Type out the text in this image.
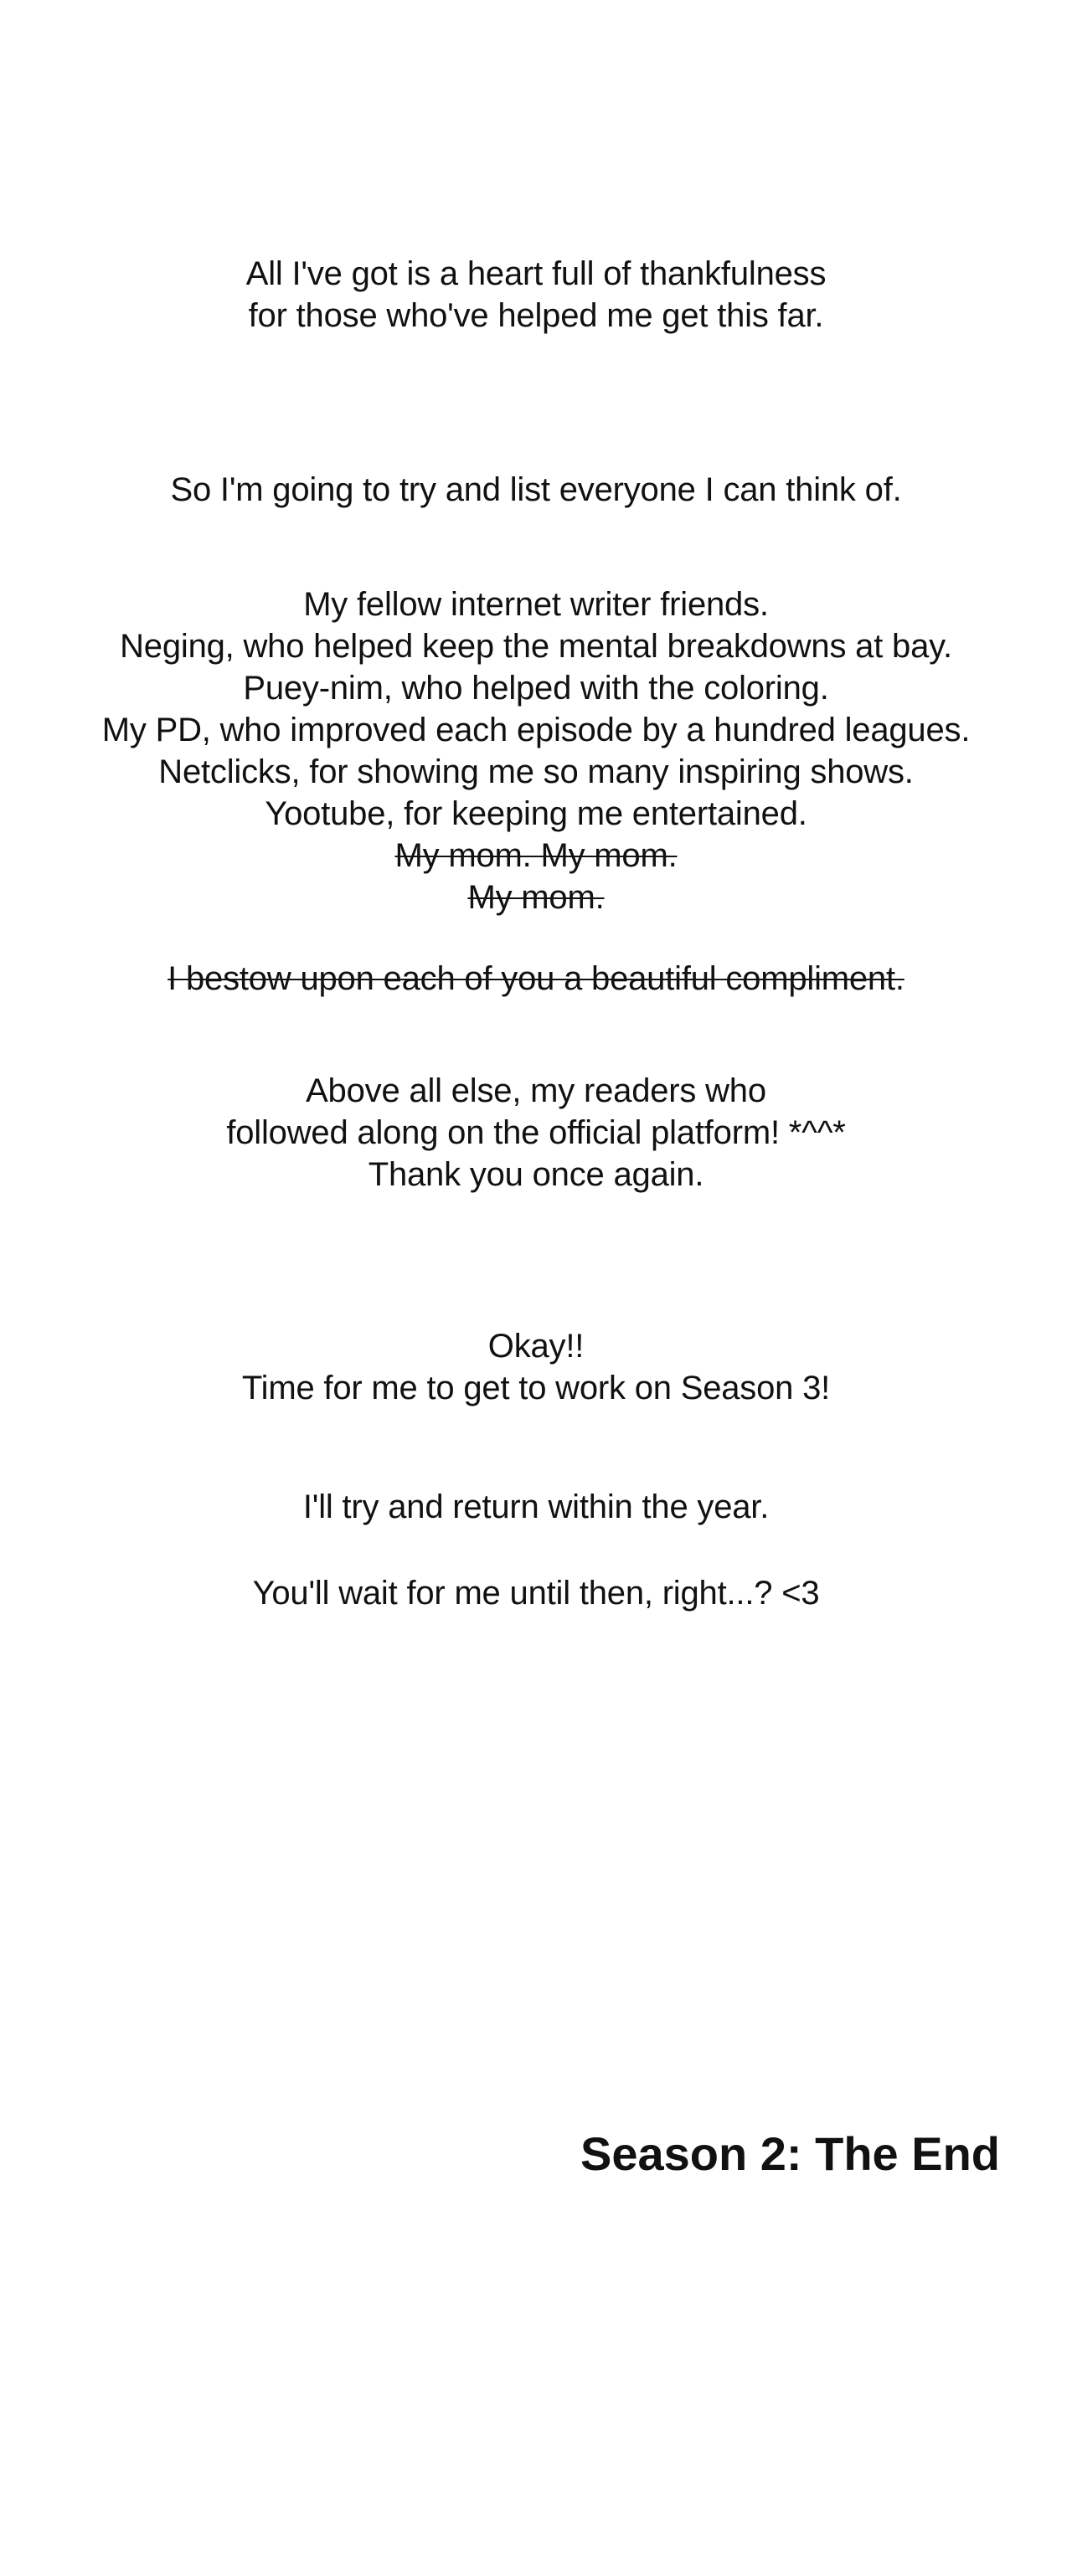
All I've got is a heart full of thankfulness
for those who've helped me get this far.
So I'm going to try and list everyone I can think of.
My fellow internet writer friends.
Neging, who helped keep the mental breakdowns at bay.
Puey-nim, who helped with the coloring.
My PD, who improved each episode by a hundred leagues.
Netclicks, for showing me so many inspiring shows.
Yootube, for keeping me entertained.
My mom. My mom.
My mom.
I bestow upon each of you a beautiful compliment.
Above all else, my readers who
followed along on the official platform! *^^*
Thank you once again.
Okay!!
Time for me to get to work on Season 3!
I'll try and return within the year.
You'll wait for me until then, right...? <3
Season 2: The End
